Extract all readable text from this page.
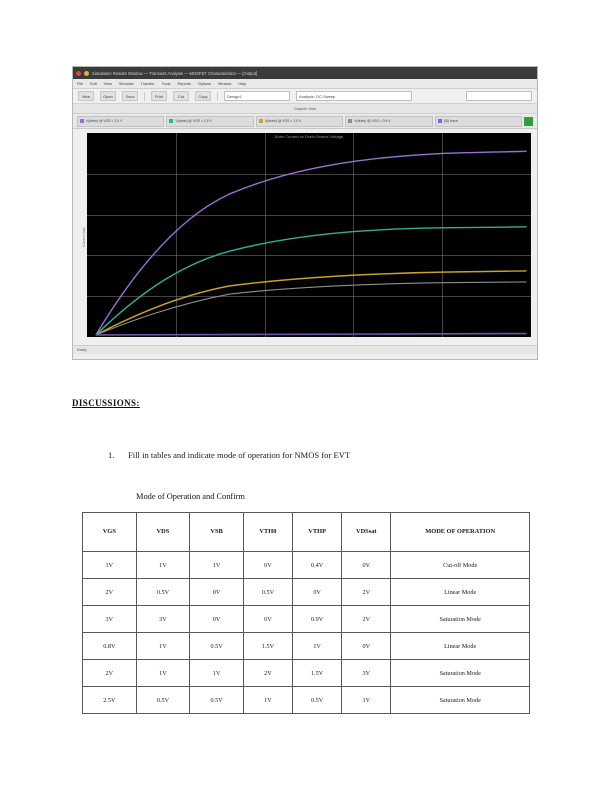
Simulation Results Window — Transient Analysis — MOSFET Characteristics — [Output]
File Edit View Simulate Transfer Tools Reports Options Window Help
New	Open	Save	Print	Cut	Copy	Design1	Analysis: DC Sweep
Grapher View
V(drain) @ VGS = 2.0 V	V(drain) @ VGS = 1.5 V	V(drain) @ VGS = 1.0 V	V(drain) @ VGS = 0.5 V	I(D) trace
Current (mA)
Drain Current vs Drain-Source Voltage
Ready
DISCUSSIONS:
1.	Fill in tables and indicate mode of operation for NMOS for EVT
Mode of Operation and Confirm
VGS	VDS	VSB	VTH0	VTHP	VDSsat	MODE OF OPERATION
1V	1V	1V	0V	0.4V	0V	Cut-off Mode
2V	0.5V	0V	0.5V	0V	2V	Linear Mode
3V	3V	0V	0V	0.9V	2V	Saturation Mode
0.8V	1V	0.5V	1.5V	1V	0V	Linear Mode
2V	1V	1V	2V	1.5V	3V	Saturation Mode
2.5V	0.5V	0.5V	1V	0.5V	1V	Saturation Mode
